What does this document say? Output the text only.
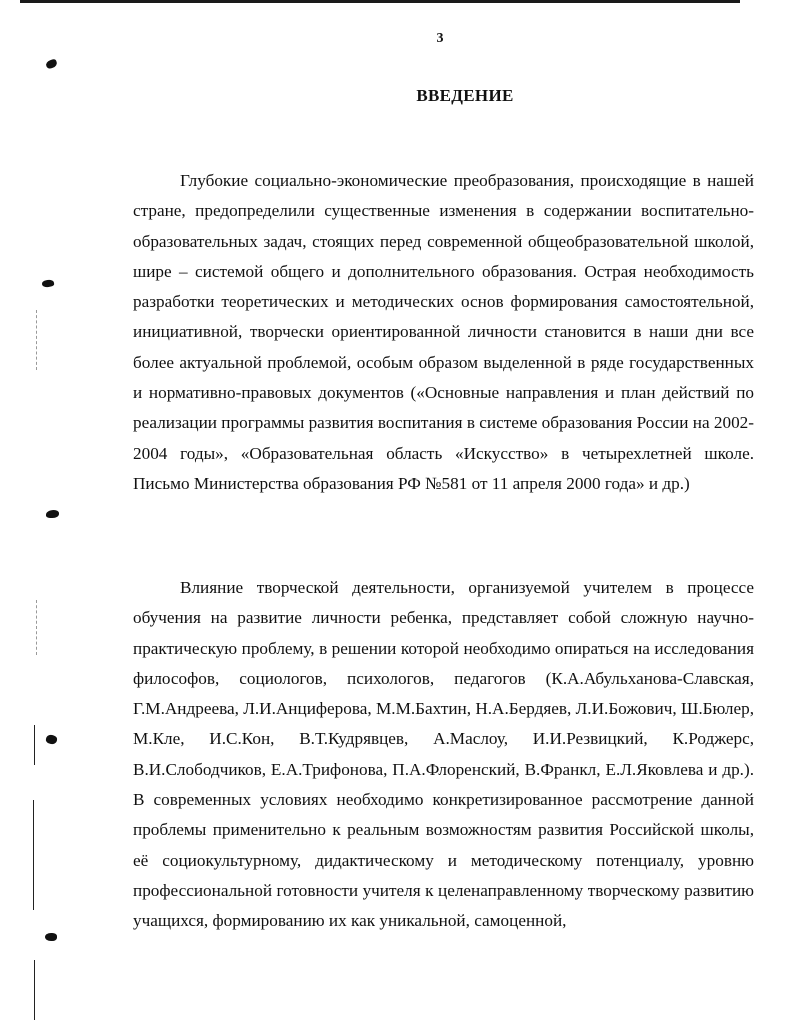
3
ВВЕДЕНИЕ

Глубокие социально-экономические преобразования, происходящие в нашей стране, предопределили существенные изменения в содержании воспитательно-образовательных задач, стоящих перед современной общеобразовательной школой, шире – системой общего и дополнительного образования. Острая необходимость разработки теоретических и методических основ формирования самостоятельной, инициативной, творчески ориентированной личности становится в наши дни все более актуальной проблемой, особым образом выделенной в ряде государственных и нормативно-правовых документов («Основные направления и план действий по реализации программы развития воспитания в системе образования России на 2002-2004 годы», «Образовательная область «Искусство» в четырехлетней школе. Письмо Министерства образования РФ №581 от 11 апреля 2000 года» и др.)

Влияние творческой деятельности, организуемой учителем в процессе обучения на развитие личности ребенка, представляет собой сложную научно-практическую проблему, в решении которой необходимо опираться на исследования философов, социологов, психологов, педагогов (К.А.Абульханова-Славская, Г.М.Андреева, Л.И.Анциферова, М.М.Бахтин, Н.А.Бердяев, Л.И.Божович, Ш.Бюлер, М.Кле, И.С.Кон, В.Т.Кудрявцев, А.Маслоу, И.И.Резвицкий, К.Роджерс, В.И.Слободчиков, Е.А.Трифонова, П.А.Флоренский, В.Франкл, Е.Л.Яковлева и др.). В современных условиях необходимо конкретизированное рассмотрение данной проблемы применительно к реальным возможностям развития Российской школы, её социокультурному, дидактическому и методическому потенциалу, уровню профессиональной готовности учителя к целенаправленному творческому развитию учащихся, формированию их как уникальной, самоценной,
